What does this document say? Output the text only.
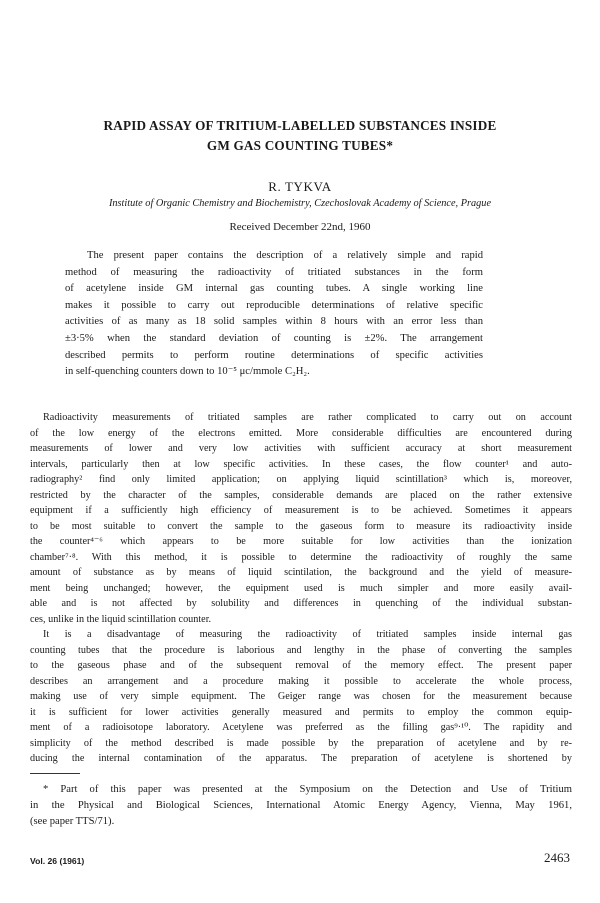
RAPID ASSAY OF TRITIUM-LABELLED SUBSTANCES INSIDE
GM GAS COUNTING TUBES*
R. TYKVA
Institute of Organic Chemistry and Biochemistry, Czechoslovak Academy of Science, Prague
Received December 22nd, 1960
The present paper contains the description of a relatively simple and rapid
method of measuring the radioactivity of tritiated substances in the form
of acetylene inside GM internal gas counting tubes. A single working line
makes it possible to carry out reproducible determinations of relative specific
activities of as many as 18 solid samples within 8 hours with an error less than
±3·5% when the standard deviation of counting is ±2%. The arrangement
described permits to perform routine determinations of specific activities
in self-quenching counters down to 10⁻⁵ μc/mmole C₂H₂.
Radioactivity measurements of tritiated samples are rather complicated to carry out on account
of the low energy of the electrons emitted. More considerable difficulties are encountered during
measurements of lower and very low activities with sufficient accuracy at short measurement
intervals, particularly then at low specific activities. In these cases, the flow counter¹ and auto-
radiography² find only limited application; on applying liquid scintillation³ which is, moreover,
restricted by the character of the samples, considerable demands are placed on the rather extensive
equipment if a sufficiently high efficiency of measurement is to be achieved. Sometimes it appears
to be most suitable to convert the sample to the gaseous form to measure its radioactivity inside
the counter⁴⁻⁶ which appears to be more suitable for low activities than the ionization
chamber⁷·⁸. With this method, it is possible to determine the radioactivity of roughly the same
amount of substance as by means of liquid scintilation, the background and the yield of measure-
ment being unchanged; however, the equipment used is much simpler and more easily avail-
able and is not affected by solubility and differences in quenching of the individual substan-
ces, unlike in the liquid scintillation counter.
It is a disadvantage of measuring the radioactivity of tritiated samples inside internal gas
counting tubes that the procedure is laborious and lengthy in the phase of converting the samples
to the gaseous phase and of the subsequent removal of the memory effect. The present paper
describes an arrangement and a procedure making it possible to accelerate the whole process,
making use of very simple equipment. The Geiger range was chosen for the measurement because
it is sufficient for lower activities generally measured and permits to employ the common equip-
ment of a radioisotope laboratory. Acetylene was preferred as the filling gas⁹·¹⁰. The rapidity and
simplicity of the method described is made possible by the preparation of acetylene and by re-
ducing the internal contamination of the apparatus. The preparation of acetylene is shortened by
* Part of this paper was presented at the Symposium on the Detection and Use of Tritium
in the Physical and Biological Sciences, International Atomic Energy Agency, Vienna, May 1961,
(see paper TTS/71).
Vol. 26 (1961)	2463
